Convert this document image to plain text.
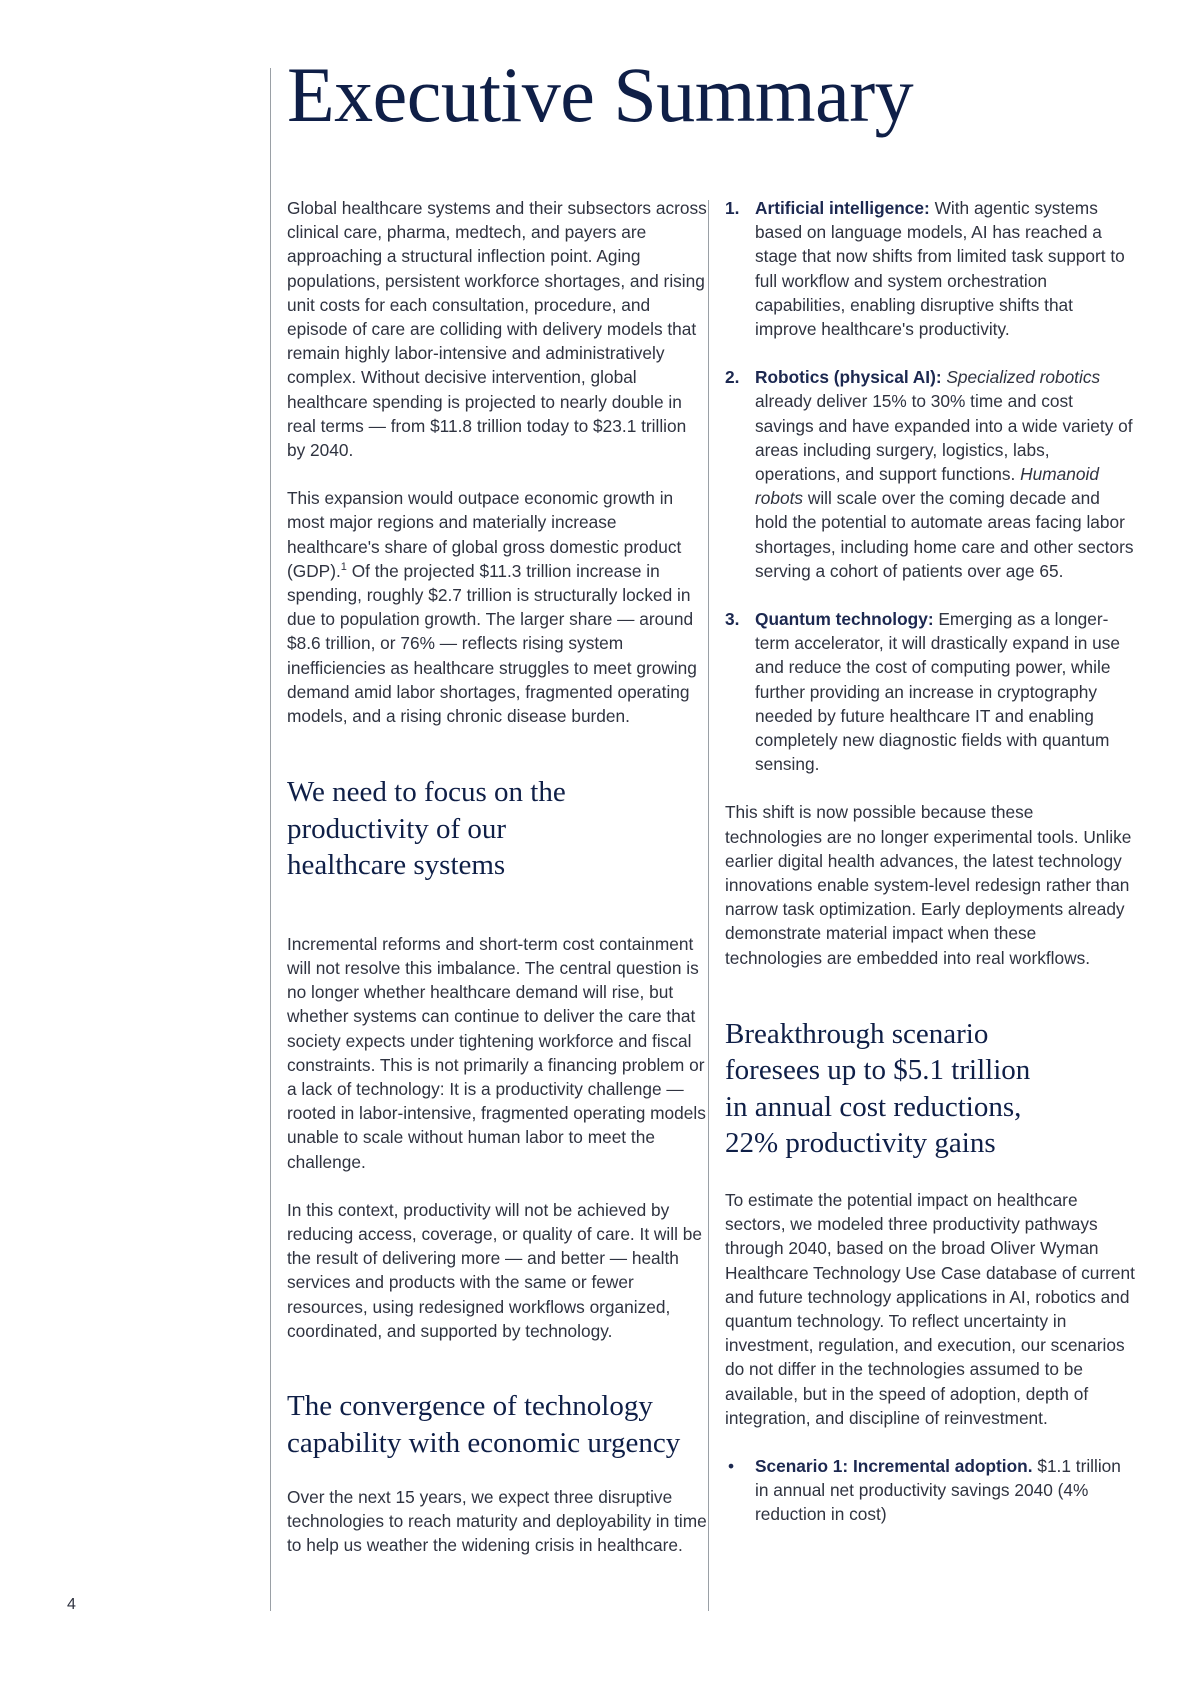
Executive Summary

Global healthcare systems and their subsectors across clinical care, pharma, medtech, and payers are approaching a structural inflection point. Aging populations, persistent workforce shortages, and rising unit costs for each consultation, procedure, and episode of care are colliding with delivery models that remain highly labor-intensive and administratively complex. Without decisive intervention, global healthcare spending is projected to nearly double in real terms — from $11.8 trillion today to $23.1 trillion by 2040.

This expansion would outpace economic growth in most major regions and materially increase healthcare's share of global gross domestic product (GDP).$^1$ Of the projected $11.3 trillion increase in spending, roughly $2.7 trillion is structurally locked in due to population growth. The larger share — around $8.6 trillion, or 76% — reflects rising system inefficiencies as healthcare struggles to meet growing demand amid labor shortages, fragmented operating models, and a rising chronic disease burden.

We need to focus on the productivity of our healthcare systems

Incremental reforms and short-term cost containment will not resolve this imbalance. The central question is no longer whether healthcare demand will rise, but whether systems can continue to deliver the care that society expects under tightening workforce and fiscal constraints. This is not primarily a financing problem or a lack of technology: It is a productivity challenge — rooted in labor-intensive, fragmented operating models unable to scale without human labor to meet the challenge.

In this context, productivity will not be achieved by reducing access, coverage, or quality of care. It will be the result of delivering more — and better — health services and products with the same or fewer resources, using redesigned workflows organized, coordinated, and supported by technology.

The convergence of technology capability with economic urgency

Over the next 15 years, we expect three disruptive technologies to reach maturity and deployability in time to help us weather the widening crisis in healthcare.

1. Artificial intelligence: With agentic systems based on language models, AI has reached a stage that now shifts from limited task support to full workflow and system orchestration capabilities, enabling disruptive shifts that improve healthcare's productivity.
2. Robotics (physical AI): Specialized robotics already deliver 15% to 30% time and cost savings and have expanded into a wide variety of areas including surgery, logistics, labs, operations, and support functions. Humanoid robots will scale over the coming decade and hold the potential to automate areas facing labor shortages, including home care and other sectors serving a cohort of patients over age 65.
3. Quantum technology: Emerging as a longer-term accelerator, it will drastically expand in use and reduce the cost of computing power, while further providing an increase in cryptography needed by future healthcare IT and enabling completely new diagnostic fields with quantum sensing.

This shift is now possible because these technologies are no longer experimental tools. Unlike earlier digital health advances, the latest technology innovations enable system-level redesign rather than narrow task optimization. Early deployments already demonstrate material impact when these technologies are embedded into real workflows.

Breakthrough scenario foresees up to $5.1 trillion in annual cost reductions, 22% productivity gains

To estimate the potential impact on healthcare sectors, we modeled three productivity pathways through 2040, based on the broad Oliver Wyman Healthcare Technology Use Case database of current and future technology applications in AI, robotics and quantum technology. To reflect uncertainty in investment, regulation, and execution, our scenarios do not differ in the technologies assumed to be available, but in the speed of adoption, depth of integration, and discipline of reinvestment.

• Scenario 1: Incremental adoption. $1.1 trillion in annual net productivity savings 2040 (4% reduction in cost)
4
